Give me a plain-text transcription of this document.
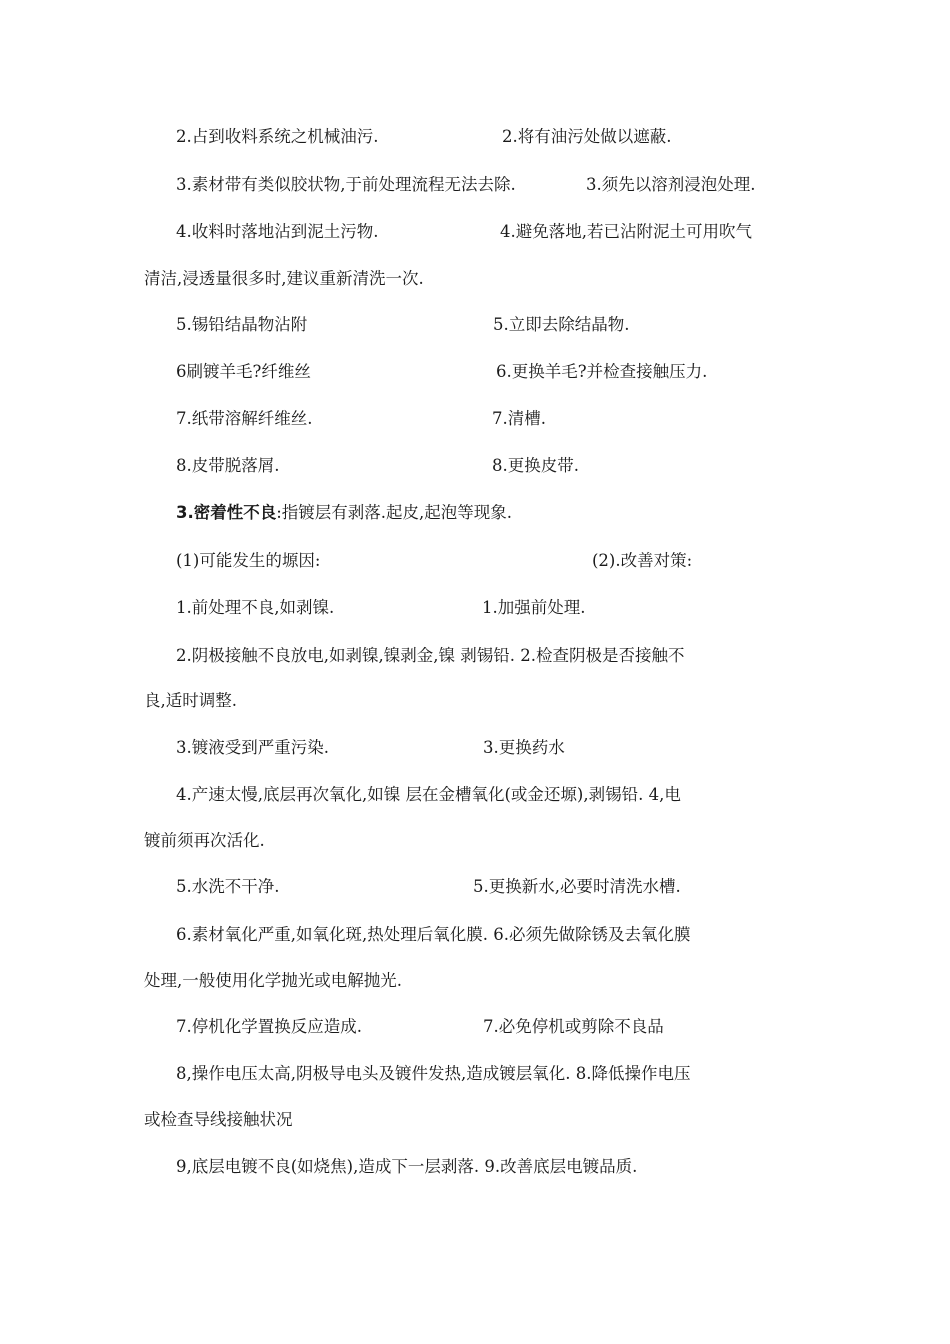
2.占到收料系统之机械油污.	2.将有油污处做以遮蔽.
3.素材带有类似胶状物,于前处理流程无法去除.	3.须先以溶剂浸泡处理.
4.收料时落地沾到泥土污物.	4.避免落地,若已沾附泥土可用吹气
清洁,浸透量很多时,建议重新清洗一次.
5.锡铅结晶物沾附	5.立即去除结晶物.
6刷镀羊毛?纤维丝	6.更换羊毛?并检查接触压力.
7.纸带溶解纤维丝.	7.清槽.
8.皮带脱落屑.	8.更换皮带.
3.密着性不良:指镀层有剥落.起皮,起泡等现象.
(1)可能发生的塬因:	(2).改善对策:
1.前处理不良,如剥镍.	1.加强前处理.
2.阴极接触不良放电,如剥镍,镍剥金,镍 剥锡铅. 2.检查阴极是否接触不
良,适时调整.
3.镀液受到严重污染.	3.更换药水
4.产速太慢,底层再次氧化,如镍 层在金槽氧化(或金还塬),剥锡铅. 4,电
镀前须再次活化.
5.水洗不干净.	5.更换新水,必要时清洗水槽.
6.素材氧化严重,如氧化斑,热处理后氧化膜. 6.必须先做除锈及去氧化膜
处理,一般使用化学抛光或电解抛光.
7.停机化学置换反应造成.	7.必免停机或剪除不良品
8,操作电压太高,阴极导电头及镀件发热,造成镀层氧化. 8.降低操作电压
或检查导线接触状况
9,底层电镀不良(如烧焦),造成下一层剥落. 9.改善底层电镀品质.
